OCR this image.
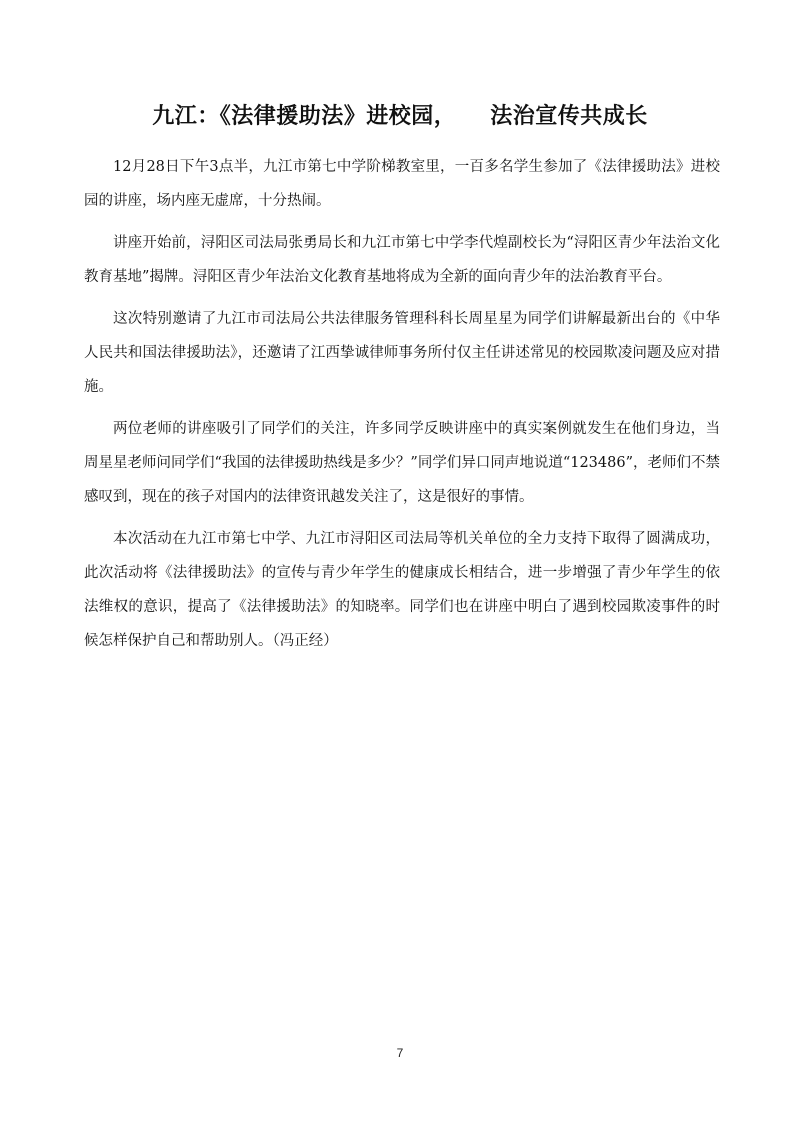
九江：《法律援助法》进校园，　　法治宣传共成长

12月28日下午3点半，九江市第七中学阶梯教室里，一百多名学生参加了《法律援助法》进校园的讲座，场内座无虚席，十分热闹。

讲座开始前，浔阳区司法局张勇局长和九江市第七中学李代煌副校长为“浔阳区青少年法治文化教育基地”揭牌。浔阳区青少年法治文化教育基地将成为全新的面向青少年的法治教育平台。

这次特别邀请了九江市司法局公共法律服务管理科科长周星星为同学们讲解最新出台的《中华人民共和国法律援助法》，还邀请了江西挚诚律师事务所付仅主任讲述常见的校园欺凌问题及应对措施。

两位老师的讲座吸引了同学们的关注，许多同学反映讲座中的真实案例就发生在他们身边，当周星星老师问同学们“我国的法律援助热线是多少？”同学们异口同声地说道“123486”，老师们不禁感叹到，现在的孩子对国内的法律资讯越发关注了，这是很好的事情。

本次活动在九江市第七中学、九江市浔阳区司法局等机关单位的全力支持下取得了圆满成功，此次活动将《法律援助法》的宣传与青少年学生的健康成长相结合，进一步增强了青少年学生的依法维权的意识，提高了《法律援助法》的知晓率。同学们也在讲座中明白了遇到校园欺凌事件的时候怎样保护自己和帮助别人。（冯正经）

7
